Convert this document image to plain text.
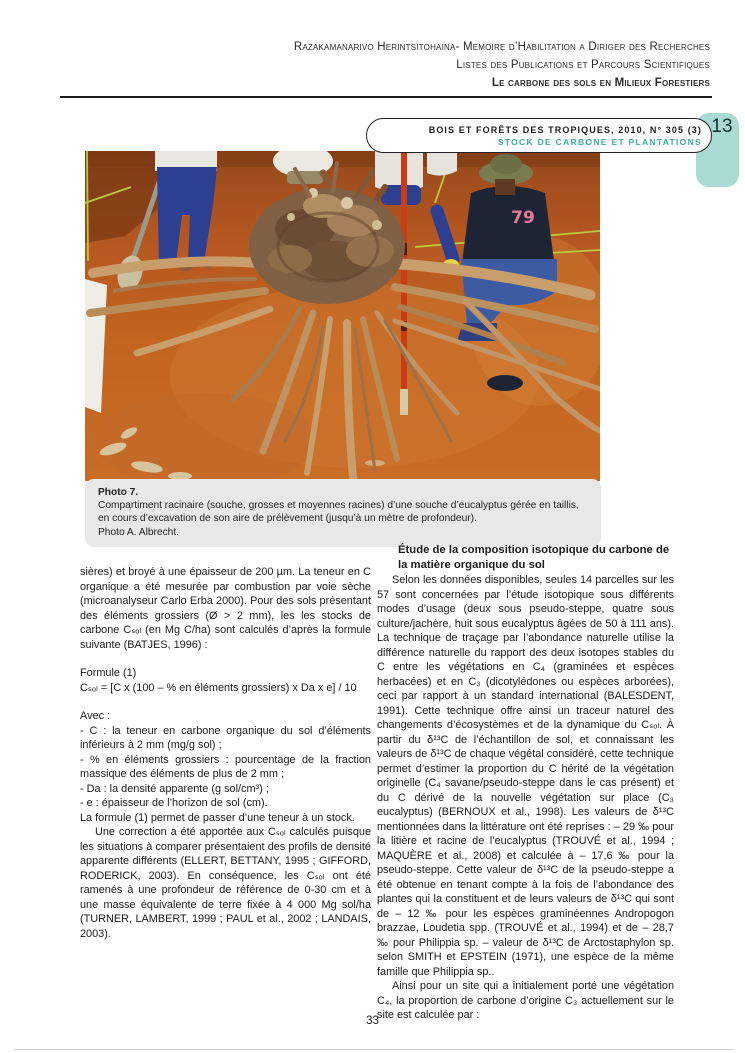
Razakamanarivo Herintsitohaina- Memoire d’Habilitation a Diriger des Recherches
Listes des Publications et Parcours Scientifiques
Le carbone des sols en Milieux Forestiers
BOIS ET FORÊTS DES TROPIQUES, 2010, N° 305 (3)
STOCK DE CARBONE ET PLANTATIONS
13
79
Photo 7.
Compartiment racinaire (souche, grosses et moyennes racines) d’une souche d’eucalyptus gérée en taillis,
en cours d’excavation de son aire de prélèvement (jusqu’à un mètre de profondeur).
Photo A. Albrecht.

sières) et broyé à une épaisseur de 200 µm. La teneur en C organique a été mesurée par combustion par voie sèche (microanalyseur Carlo Erba 2000). Pour des sols présentant des éléments grossiers (Ø > 2 mm), les les stocks de carbone Cₛₒₗ (en Mg C/ha) sont calculés d’après la formule suivante (BATJES, 1996) :

Formule (1)

Cₛₒₗ = [C x (100 – % en éléments grossiers) x Da x e] / 10

Avec :

- C : la teneur en carbone organique du sol d’éléments inférieurs à 2 mm (mg/g sol) ;

- % en éléments grossiers : pourcentage de la fraction massique des éléments de plus de 2 mm ;

- Da : la densité apparente (g sol/cm³) ;

- e : épaisseur de l’horizon de sol (cm).

La formule (1) permet de passer d’une teneur à un stock.

Une correction a été apportée aux Cₛₒₗ calculés puisque les situations à comparer présentaient des profils de densité apparente différents (ELLERT, BETTANY, 1995 ; GIFFORD, RODERICK, 2003). En conséquence, les Cₛₒₗ ont été ramenés à une profondeur de référence de 0-30 cm et à une masse équivalente de terre fixée à 4 000 Mg sol/ha (TURNER, LAMBERT, 1999 ; PAUL et al., 2002 ; LANDAIS, 2003).

Étude de la composition isotopique du carbone de la matière organique du sol

Selon les données disponibles, seules 14 parcelles sur les 57 sont concernées par l’étude isotopique sous différents modes d’usage (deux sous pseudo-steppe, quatre sous culture/jachère, huit sous eucalyptus âgées de 50 à 111 ans). La technique de traçage par l’abondance naturelle utilise la différence naturelle du rapport des deux isotopes stables du C entre les végétations en C₄ (graminées et espèces herbacées) et en C₃ (dicotylédones ou espèces arborées), ceci par rapport à un standard international (BALESDENT, 1991). Cette technique offre ainsi un traceur naturel des changements d’écosystèmes et de la dynamique du Cₛₒₗ. À partir du δ¹³C de l’échantillon de sol, et connaissant les valeurs de δ¹³C de chaque végétal considéré, cette technique permet d’estimer la proportion du C hérité de la végétation originelle (C₄ savane/pseudo-steppe dans le cas présent) et du C dérivé de la nouvelle végétation sur place (C₃ eucalyptus) (BERNOUX et al., 1998). Les valeurs de δ¹³C mentionnées dans la littérature ont été reprises : – 29 ‰ pour la litière et racine de l’eucalyptus (TROUVÉ et al., 1994 ; MAQUÈRE et al., 2008) et calculée à – 17,6 ‰ pour la pseudo-steppe. Cette valeur de δ¹³C de la pseudo-steppe a été obtenue en tenant compte à la fois de l’abondance des plantes qui la constituent et de leurs valeurs de δ¹³C qui sont de – 12 ‰ pour les espèces graminéennes Andropogon brazzae, Loudetia spp. (TROUVÉ et al., 1994) et de – 28,7 ‰ pour Philippia sp. – valeur de δ¹³C de Arctostaphylon sp. selon SMITH et EPSTEIN (1971), une espèce de la même famille que Philippia sp..

Ainsi pour un site qui a initialement porté une végétation C₄, la proportion de carbone d’origine C₃ actuellement sur le site est calculée par :

33
